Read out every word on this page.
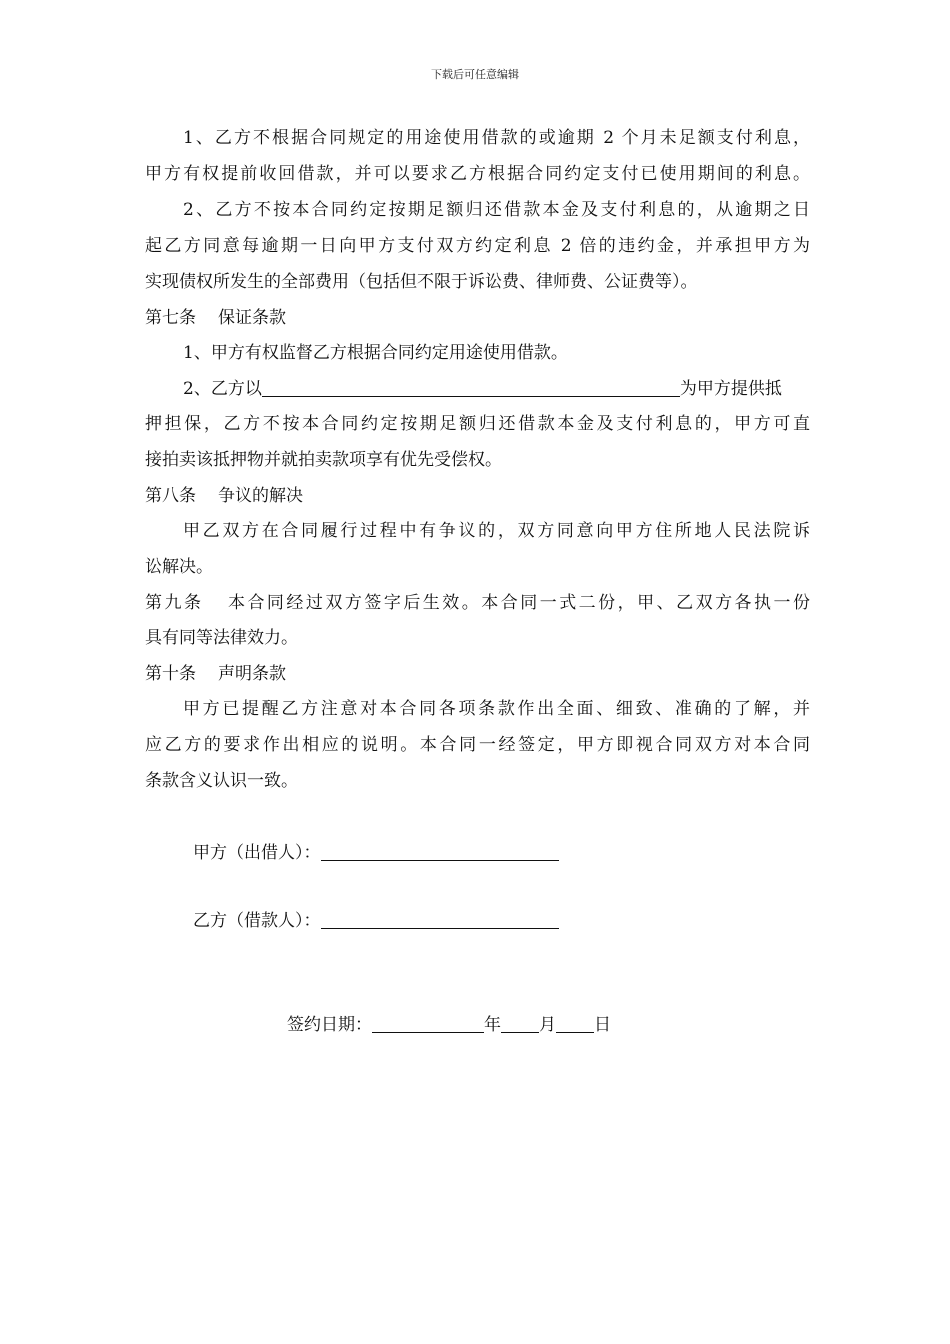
下载后可任意编辑
1、乙方不根据合同规定的用途使用借款的或逾期 2 个月未足额支付利息，
甲方有权提前收回借款，并可以要求乙方根据合同约定支付已使用期间的利息。
2、乙方不按本合同约定按期足额归还借款本金及支付利息的，从逾期之日
起乙方同意每逾期一日向甲方支付双方约定利息 2 倍的违约金，并承担甲方为
实现债权所发生的全部费用（包括但不限于诉讼费、律师费、公证费等）。
第七条 保证条款
1、甲方有权监督乙方根据合同约定用途使用借款。
2、乙方以	为甲方提供抵
押担保，乙方不按本合同约定按期足额归还借款本金及支付利息的，甲方可直
接拍卖该抵押物并就拍卖款项享有优先受偿权。
第八条 争议的解决
甲乙双方在合同履行过程中有争议的，双方同意向甲方住所地人民法院诉
讼解决。
第九条 本合同经过双方签字后生效。本合同一式二份，甲、乙双方各执一份
具有同等法律效力。
第十条 声明条款
甲方已提醒乙方注意对本合同各项条款作出全面、细致、准确的了解，并
应乙方的要求作出相应的说明。本合同一经签定，甲方即视合同双方对本合同
条款含义认识一致。
甲方（出借人）：
乙方（借款人）：
签约日期：	年 月 日
